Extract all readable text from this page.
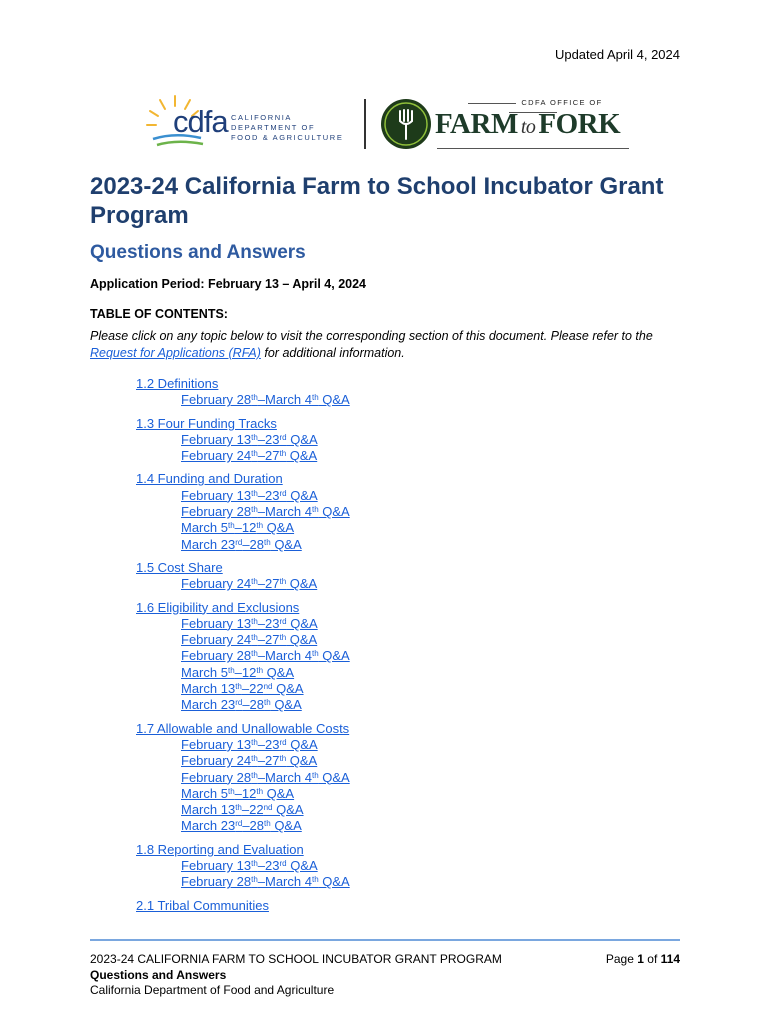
Updated April 4, 2024
cdfa CALIFORNIA DEPARTMENT OF
FOOD & AGRICULTURE
CDFA OFFICE OF
FARM to FORK
2023-24 California Farm to School Incubator Grant Program
Questions and Answers
Application Period: February 13 – April 4, 2024
TABLE OF CONTENTS:
Please click on any topic below to visit the corresponding section of this document. Please refer to the Request for Applications (RFA) for additional information.
1.2 Definitions
February 28th–March 4th Q&A
1.3 Four Funding Tracks
February 13th–23rd Q&A
February 24th–27th Q&A
1.4 Funding and Duration
February 13th–23rd Q&A
February 28th–March 4th Q&A
March 5th–12th Q&A
March 23rd–28th Q&A
1.5 Cost Share
February 24th–27th Q&A
1.6 Eligibility and Exclusions
February 13th–23rd Q&A
February 24th–27th Q&A
February 28th–March 4th Q&A
March 5th–12th Q&A
March 13th–22nd Q&A
March 23rd–28th Q&A
1.7 Allowable and Unallowable Costs
February 13th–23rd Q&A
February 24th–27th Q&A
February 28th–March 4th Q&A
March 5th–12th Q&A
March 13th–22nd Q&A
March 23rd–28th Q&A
1.8 Reporting and Evaluation
February 13th–23rd Q&A
February 28th–March 4th Q&A
2.1 Tribal Communities
2023-24 CALIFORNIA FARM TO SCHOOL INCUBATOR GRANT PROGRAM
Questions and Answers
California Department of Food and Agriculture
Page 1 of 114
